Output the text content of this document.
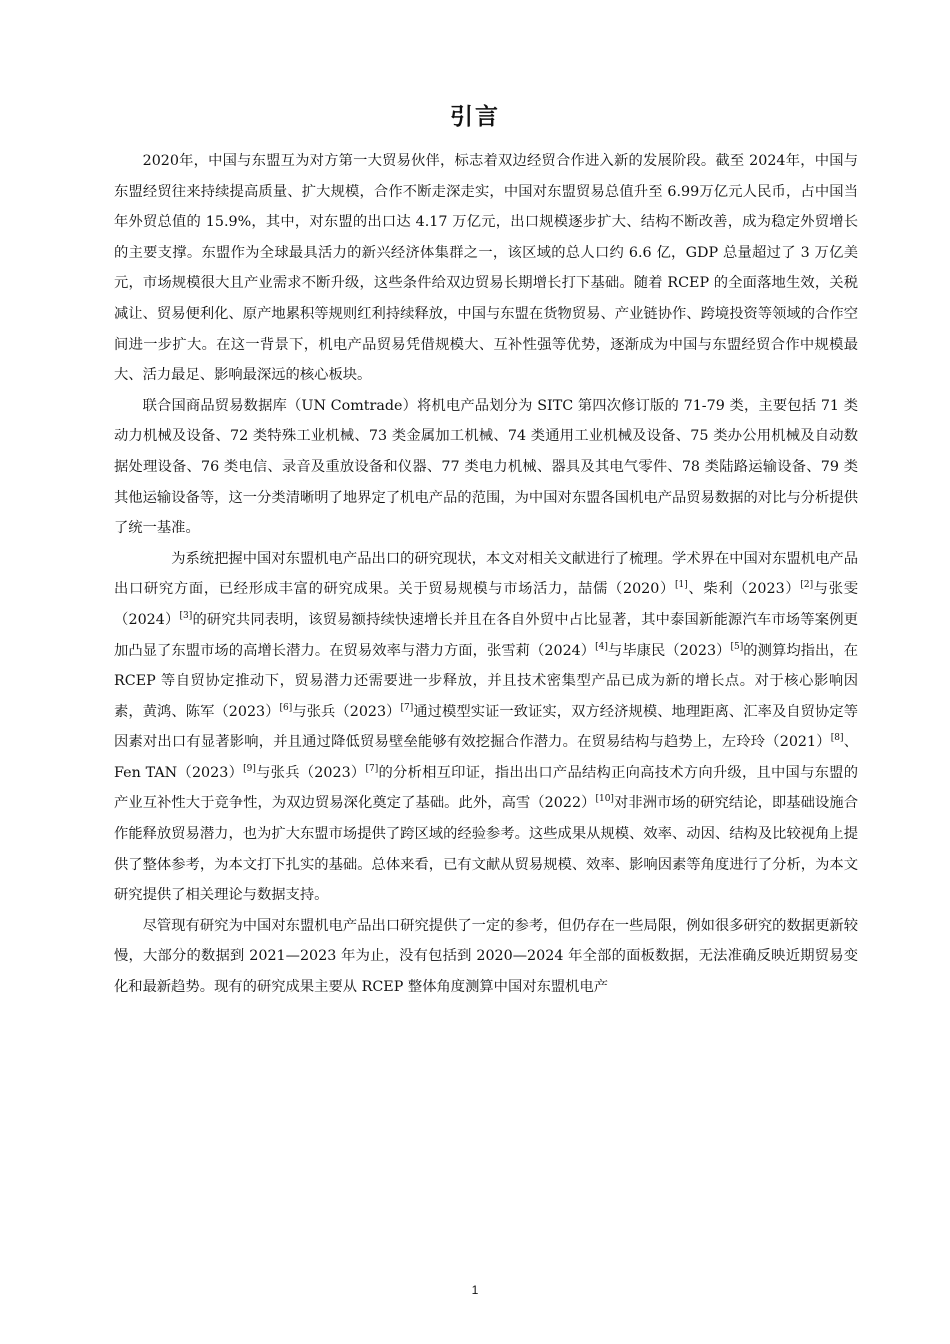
引言

2020年，中国与东盟互为对方第一大贸易伙伴，标志着双边经贸合作进入新的发展阶段。截至 2024年，中国与东盟经贸往来持续提高质量、扩大规模，合作不断走深走实，中国对东盟贸易总值升至 6.99万亿元人民币，占中国当年外贸总值的 15.9%，其中，对东盟的出口达 4.17 万亿元，出口规模逐步扩大、结构不断改善，成为稳定外贸增长的主要支撑。东盟作为全球最具活力的新兴经济体集群之一，该区域的总人口约 6.6 亿，GDP 总量超过了 3 万亿美元，市场规模很大且产业需求不断升级，这些条件给双边贸易长期增长打下基础。随着 RCEP 的全面落地生效，关税减让、贸易便利化、原产地累积等规则红利持续释放，中国与东盟在货物贸易、产业链协作、跨境投资等领域的合作空间进一步扩大。在这一背景下，机电产品贸易凭借规模大、互补性强等优势，逐渐成为中国与东盟经贸合作中规模最大、活力最足、影响最深远的核心板块。

联合国商品贸易数据库（UN Comtrade）将机电产品划分为 SITC 第四次修订版的 71-79 类，主要包括 71 类动力机械及设备、72 类特殊工业机械、73 类金属加工机械、74 类通用工业机械及设备、75 类办公用机械及自动数据处理设备、76 类电信、录音及重放设备和仪器、77 类电力机械、器具及其电气零件、78 类陆路运输设备、79 类其他运输设备等，这一分类清晰明了地界定了机电产品的范围，为中国对东盟各国机电产品贸易数据的对比与分析提供了统一基准。

为系统把握中国对东盟机电产品出口的研究现状，本文对相关文献进行了梳理。学术界在中国对东盟机电产品出口研究方面，已经形成丰富的研究成果。关于贸易规模与市场活力，喆儒（2020）[1]、柴利（2023）[2]与张雯（2024）[3]的研究共同表明，该贸易额持续快速增长并且在各自外贸中占比显著，其中泰国新能源汽车市场等案例更加凸显了东盟市场的高增长潜力。在贸易效率与潜力方面，张雪莉（2024）[4]与毕康民（2023）[5]的测算均指出，在 RCEP 等自贸协定推动下，贸易潜力还需要进一步释放，并且技术密集型产品已成为新的增长点。对于核心影响因素，黄鸿、陈军（2023）[6]与张兵（2023）[7]通过模型实证一致证实，双方经济规模、地理距离、汇率及自贸协定等因素对出口有显著影响，并且通过降低贸易壁垒能够有效挖掘合作潜力。在贸易结构与趋势上，左玲玲（2021）[8]、Fen TAN（2023）[9]与张兵（2023）[7]的分析相互印证，指出出口产品结构正向高技术方向升级，且中国与东盟的产业互补性大于竞争性，为双边贸易深化奠定了基础。此外，高雪（2022）[10]对非洲市场的研究结论，即基础设施合作能释放贸易潜力，也为扩大东盟市场提供了跨区域的经验参考。这些成果从规模、效率、动因、结构及比较视角上提供了整体参考，为本文打下扎实的基础。总体来看，已有文献从贸易规模、效率、影响因素等角度进行了分析，为本文研究提供了相关理论与数据支持。

尽管现有研究为中国对东盟机电产品出口研究提供了一定的参考，但仍存在一些局限，例如很多研究的数据更新较慢，大部分的数据到 2021—2023 年为止，没有包括到 2020—2024 年全部的面板数据，无法准确反映近期贸易变化和最新趋势。现有的研究成果主要从 RCEP 整体角度测算中国对东盟机电产

1
